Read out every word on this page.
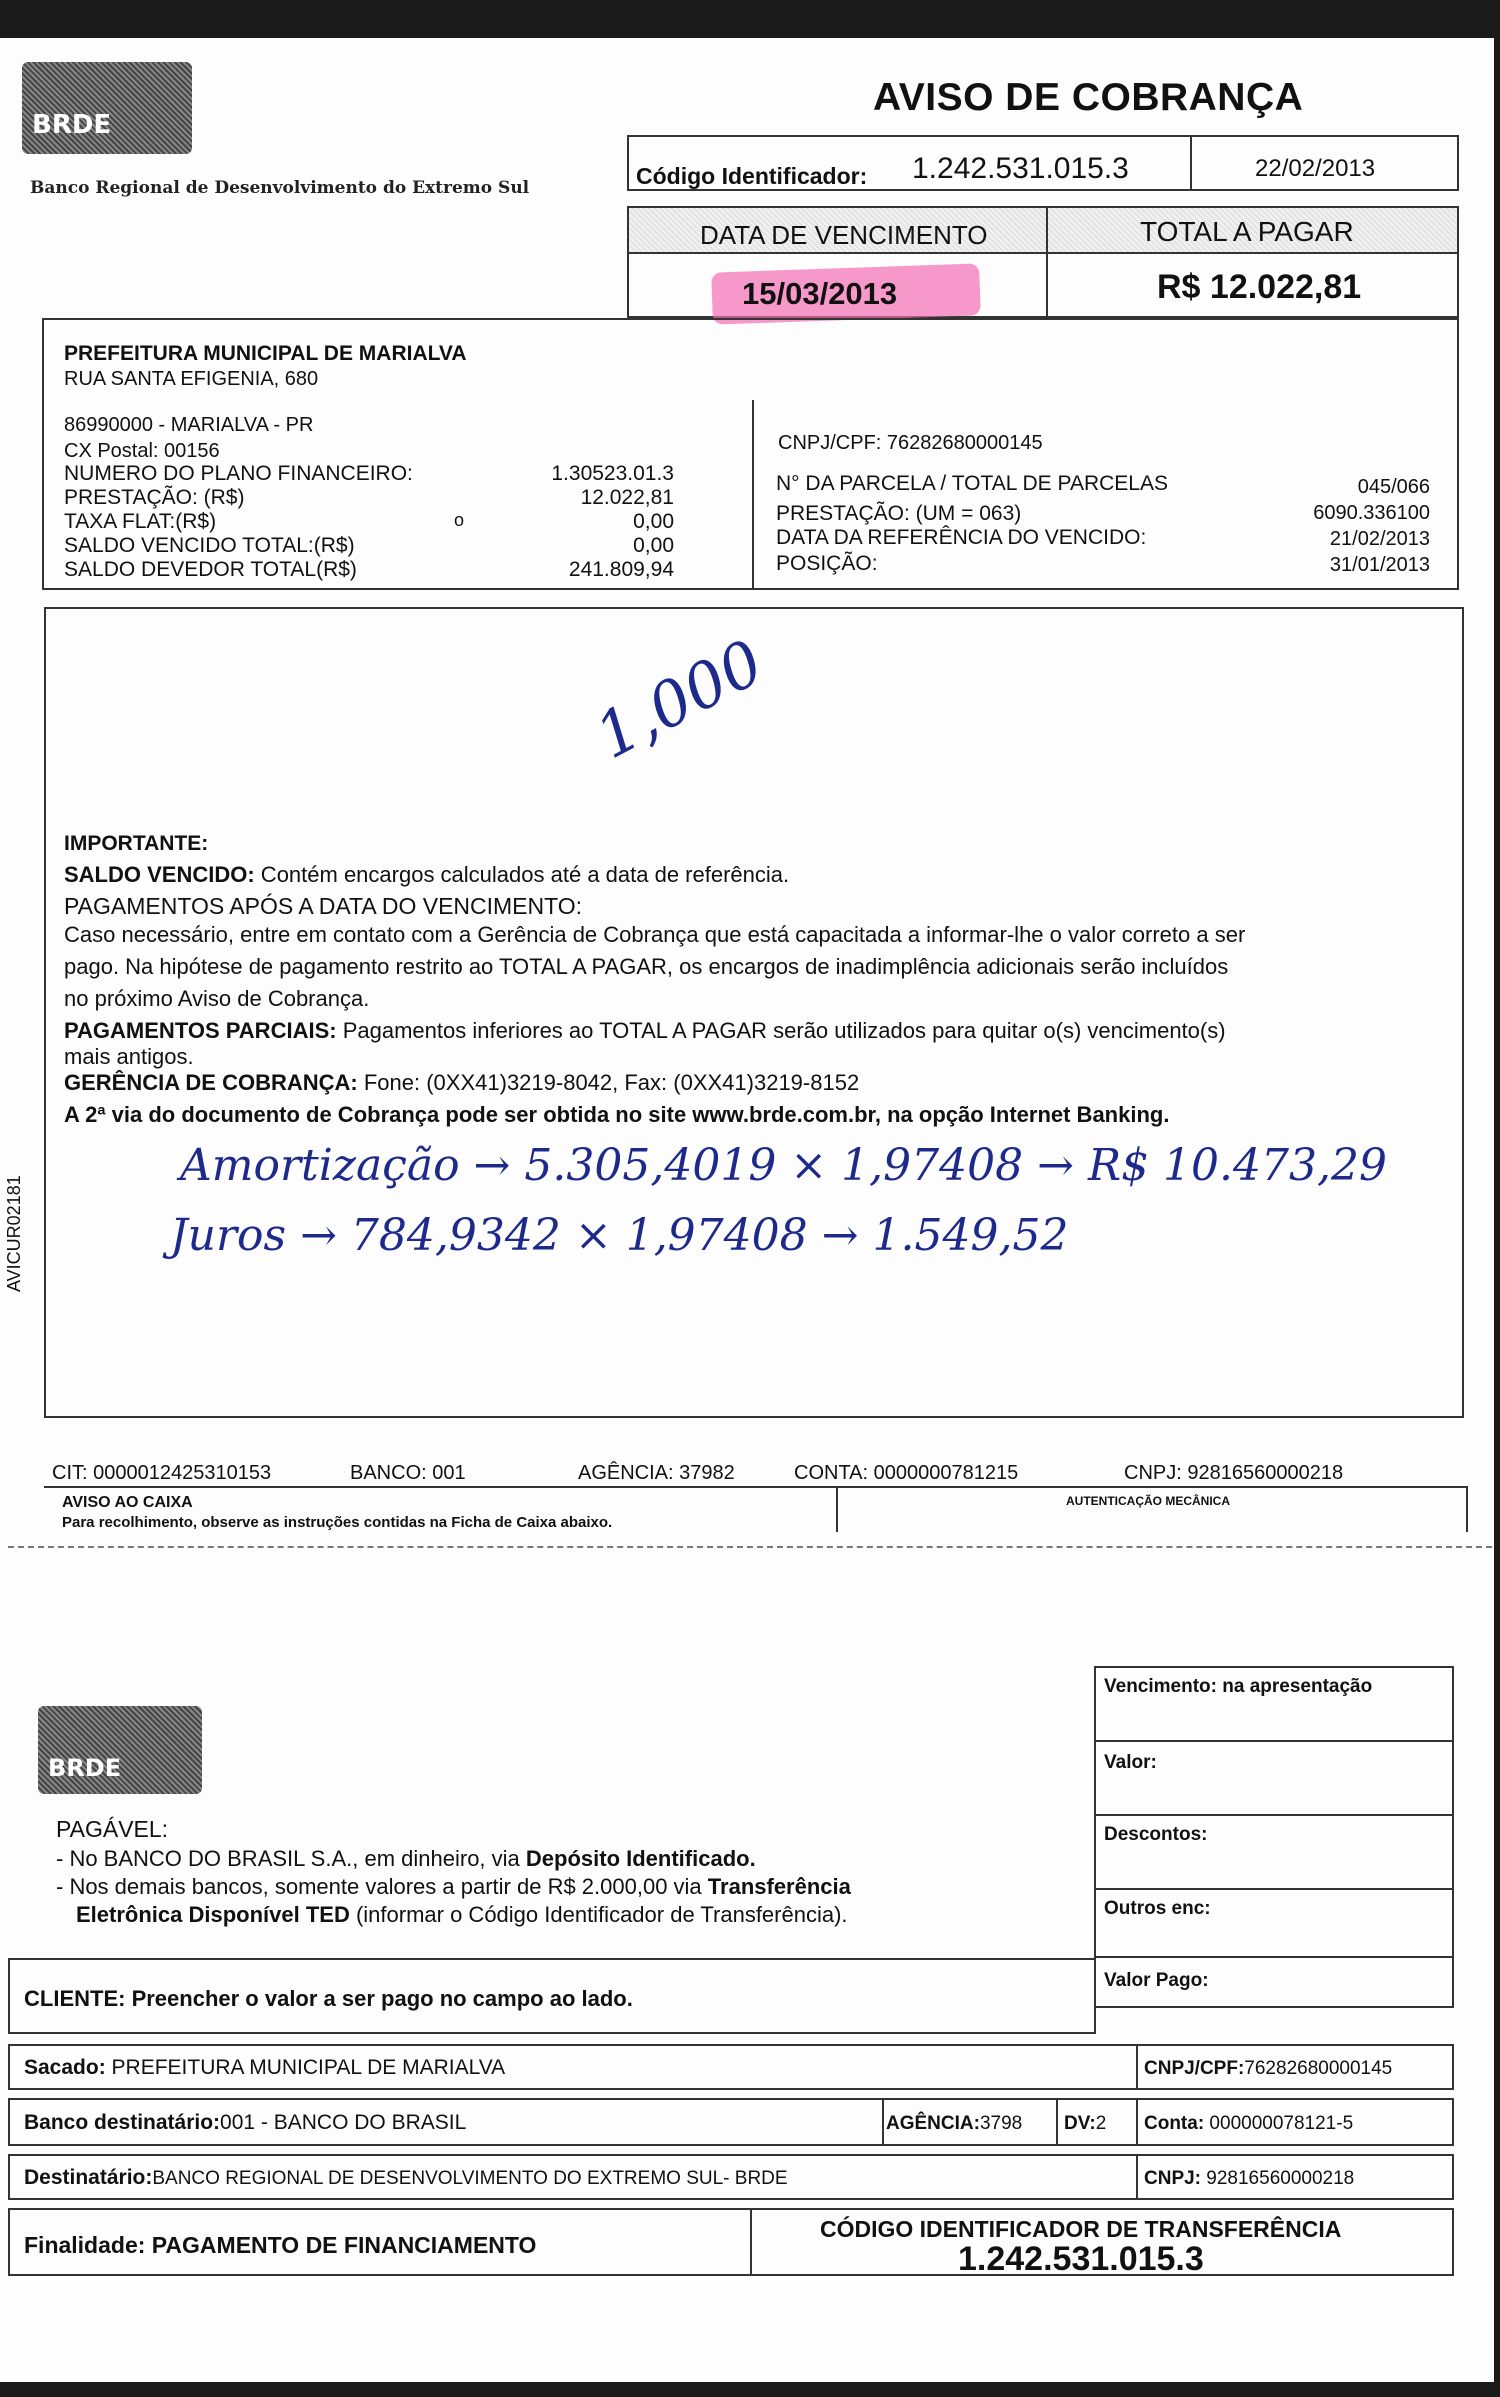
BRDE
Banco Regional de Desenvolvimento do Extremo Sul
AVISO DE COBRANÇA
Código Identificador: 1.242.531.015.3	22/02/2013
DATA DE VENCIMENTO	TOTAL A PAGAR
15/03/2013	R$ 12.022,81
PREFEITURA MUNICIPAL DE MARIALVA
RUA SANTA EFIGENIA, 680
86990000 - MARIALVA - PR
CX Postal: 00156
NUMERO DO PLANO FINANCEIRO:	1.30523.01.3
PRESTAÇÃO: (R$)	12.022,81
TAXA FLAT:(R$)	0,00
SALDO VENCIDO TOTAL:(R$)	0,00
SALDO DEVEDOR TOTAL(R$)	241.809,94
o
CNPJ/CPF: 76282680000145
N° DA PARCELA / TOTAL DE PARCELAS	045/066
PRESTAÇÃO: (UM = 063)	6090.336100
DATA DA REFERÊNCIA DO VENCIDO:	21/02/2013
POSIÇÃO:	31/01/2013
1,000
IMPORTANTE:
SALDO VENCIDO: Contém encargos calculados até a data de referência.
PAGAMENTOS APÓS A DATA DO VENCIMENTO:
Caso necessário, entre em contato com a Gerência de Cobrança que está capacitada a informar-lhe o valor correto a ser
pago. Na hipótese de pagamento restrito ao TOTAL A PAGAR, os encargos de inadimplência adicionais serão incluídos
no próximo Aviso de Cobrança.
PAGAMENTOS PARCIAIS: Pagamentos inferiores ao TOTAL A PAGAR serão utilizados para quitar o(s) vencimento(s)
mais antigos.
GERÊNCIA DE COBRANÇA: Fone: (0XX41)3219-8042, Fax: (0XX41)3219-8152
A 2ª via do documento de Cobrança pode ser obtida no site www.brde.com.br, na opção Internet Banking.
Amortização → 5.305,4019 × 1,97408 → R$ 10.473,29
Juros → 784,9342 × 1,97408 → 1.549,52
AVICUR02181
CIT: 0000012425310153	BANCO: 001	AGÊNCIA: 37982	CONTA: 0000000781215	CNPJ: 92816560000218
AVISO AO CAIXA
Para recolhimento, observe as instruções contidas na Ficha de Caixa abaixo.
AUTENTICAÇÃO MECÂNICA
BRDE
PAGÁVEL:
- No BANCO DO BRASIL S.A., em dinheiro, via Depósito Identificado.
- Nos demais bancos, somente valores a partir de R$ 2.000,00 via Transferência
Eletrônica Disponível TED (informar o Código Identificador de Transferência).
Vencimento: na apresentação
Valor:
Descontos:
Outros enc:
Valor Pago:
CLIENTE: Preencher o valor a ser pago no campo ao lado.
Sacado: PREFEITURA MUNICIPAL DE MARIALVA	CNPJ/CPF:76282680000145
Banco destinatário:001 - BANCO DO BRASIL	AGÊNCIA:3798 DV:2 Conta: 000000078121-5
Destinatário:BANCO REGIONAL DE DESENVOLVIMENTO DO EXTREMO SUL- BRDE	CNPJ: 92816560000218
Finalidade: PAGAMENTO DE FINANCIAMENTO
CÓDIGO IDENTIFICADOR DE TRANSFERÊNCIA
1.242.531.015.3
